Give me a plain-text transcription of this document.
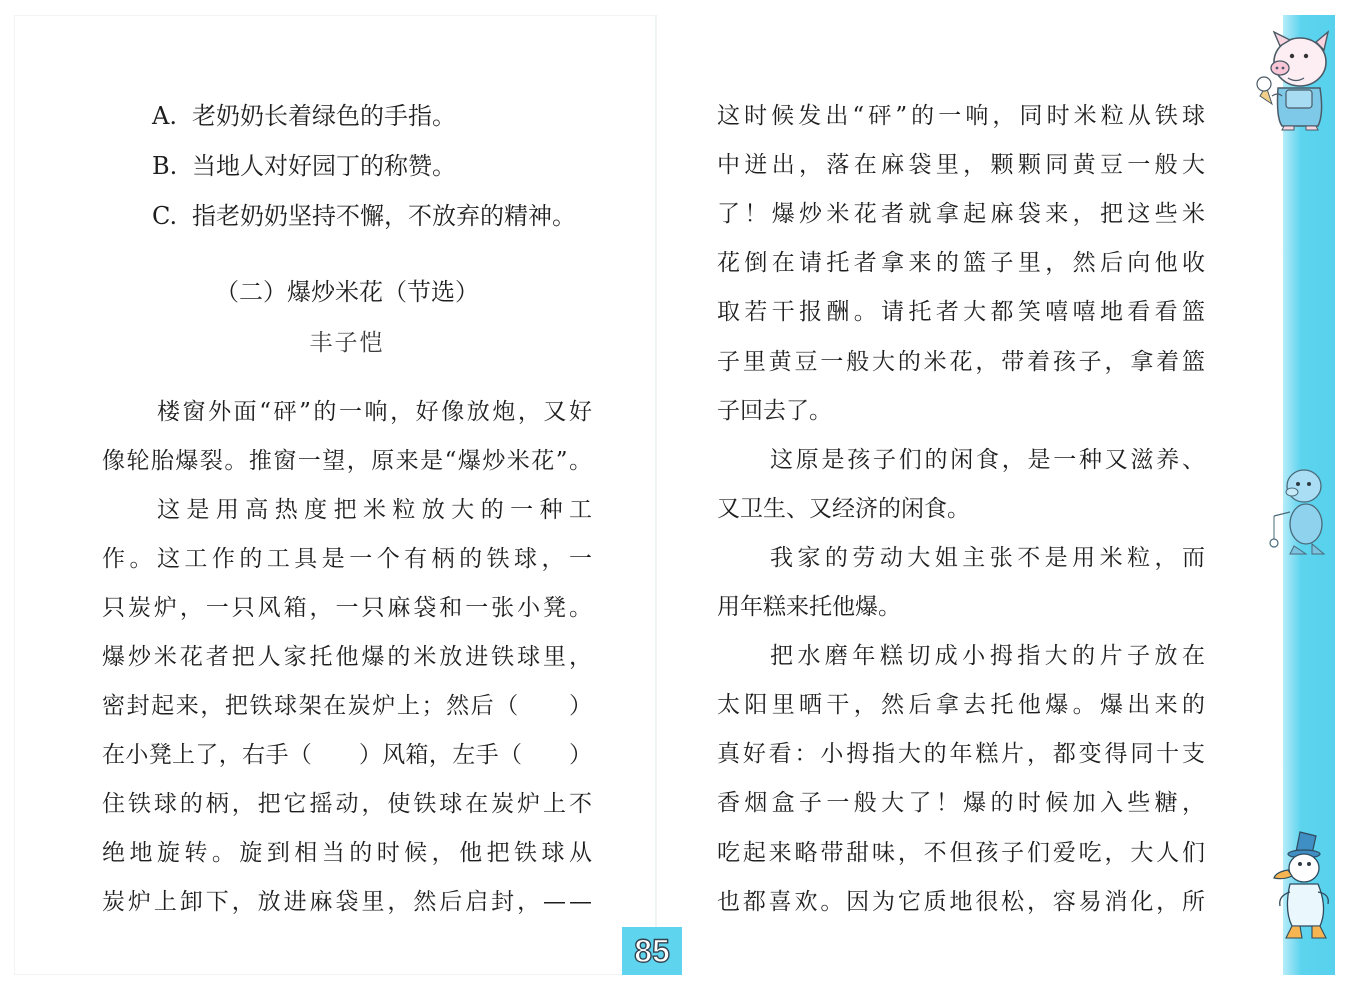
A. 老奶奶长着绿色的手指。
B. 当地人对好园丁的称赞。
C. 指老奶奶坚持不懈，不放弃的精神。
（二）爆炒米花（节选）
丰子恺
楼窗外面“砰”的一响，好像放炮，又好
像轮胎爆裂。推窗一望，原来是“爆炒米花”。
这是用高热度把米粒放大的一种工
作。这工作的工具是一个有柄的铁球，一
只炭炉，一只风箱，一只麻袋和一张小凳。
爆炒米花者把人家托他爆的米放进铁球里，
密封起来，把铁球架在炭炉上；然后（　　）
在小凳上了，右手（　　）风箱，左手（　　）
住铁球的柄，把它摇动，使铁球在炭炉上不
绝地旋转。旋到相当的时候，他把铁球从
炭炉上卸下，放进麻袋里，然后启封，——
这时候发出“砰”的一响，同时米粒从铁球
中迸出，落在麻袋里，颗颗同黄豆一般大
了！爆炒米花者就拿起麻袋来，把这些米
花倒在请托者拿来的篮子里，然后向他收
取若干报酬。请托者大都笑嘻嘻地看看篮
子里黄豆一般大的米花，带着孩子，拿着篮
子回去了。
这原是孩子们的闲食，是一种又滋养、
又卫生、又经济的闲食。
我家的劳动大姐主张不是用米粒，而
用年糕来托他爆。
把水磨年糕切成小拇指大的片子放在
太阳里晒干，然后拿去托他爆。爆出来的
真好看：小拇指大的年糕片，都变得同十支
香烟盒子一般大了！爆的时候加入些糖，
吃起来略带甜味，不但孩子们爱吃，大人们
也都喜欢。因为它质地很松，容易消化，所
85
